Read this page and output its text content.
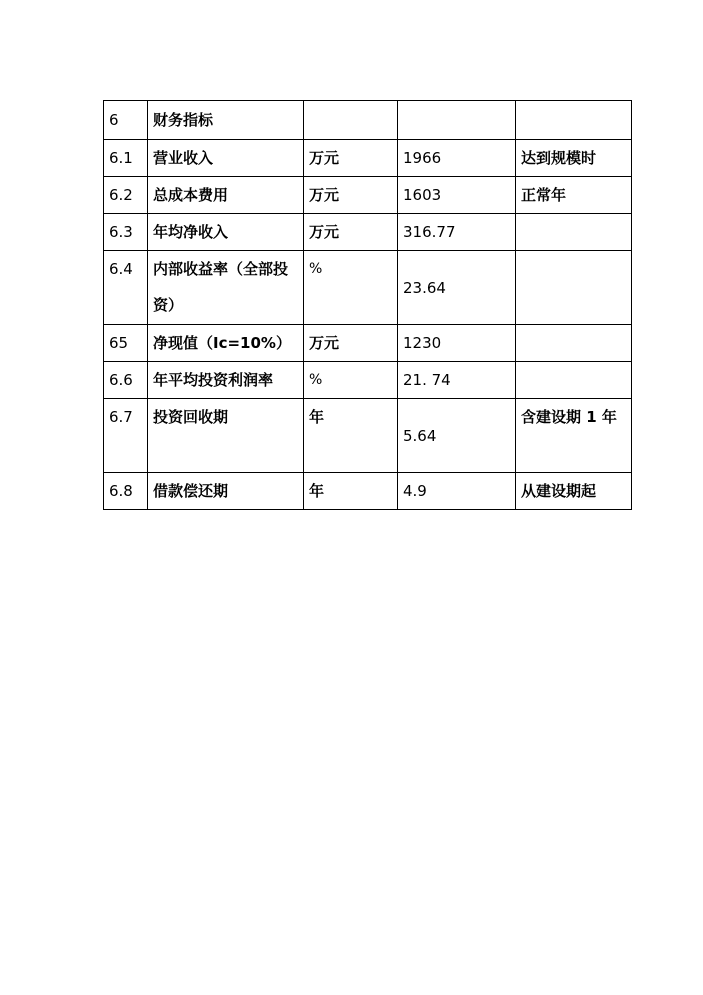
6	财务指标			
6.1	营业收入	万元	1966	达到规模时
6.2	总成本费用	万元	1603	正常年
6.3	年均净收入	万元	316.77	
6.4	内部收益率（全部投资）	%	23.64	
65	净现值（Ic=10%）	万元	1230	
6.6	年平均投资利润率	%	21. 74	
6.7	投资回收期	年	5.64	含建设期 1 年
6.8	借款偿还期	年	4.9	从建设期起
